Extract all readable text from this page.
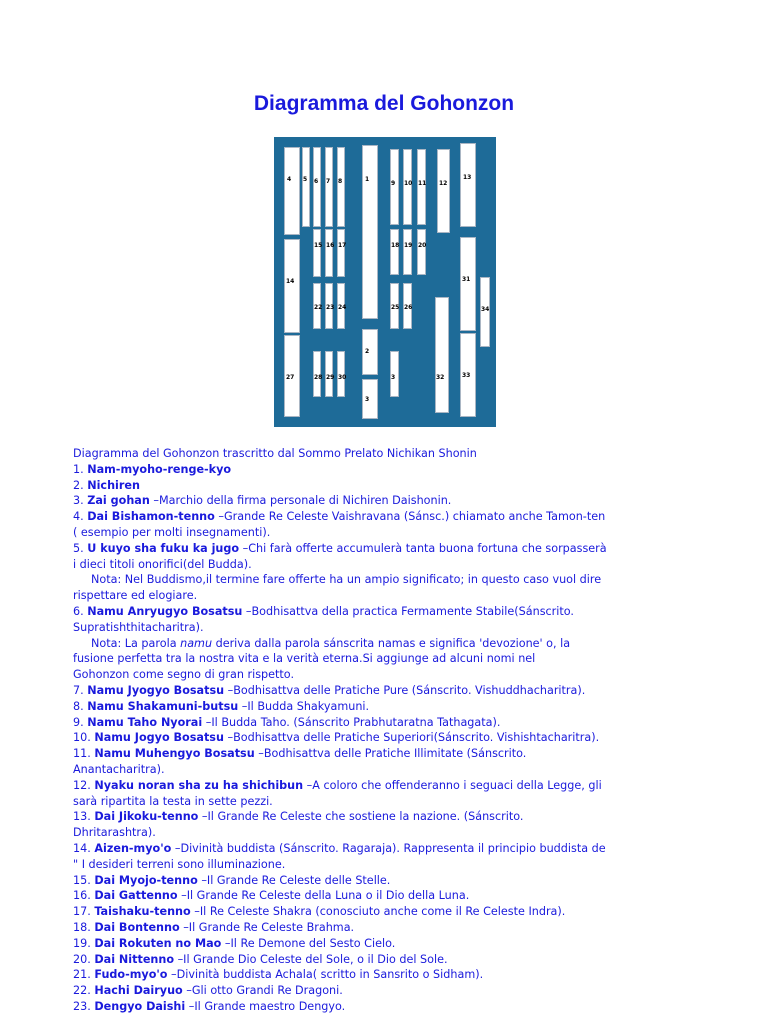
Diagramma del Gohonzon
4 5 6 7 8	1
9 10 11 12
13
15 16 17	18 19 20
14	31
34
22 23 24	25 26
2
27	28 29 30
3
3	32	33
Diagramma del Gohonzon trascritto dal Sommo Prelato Nichikan Shonin
1. Nam-myoho-renge-kyo
2. Nichiren
3. Zai gohan –Marchio della firma personale di Nichiren Daishonin.
4. Dai Bishamon-tenno –Grande Re Celeste Vaishravana (Sánsc.) chiamato anche Tamon-ten
( esempio per molti insegnamenti).
5. U kuyo sha fuku ka jugo –Chi farà offerte accumulerà tanta buona fortuna che sorpasserà
i dieci titoli onorifici(del Budda).
Nota: Nel Buddismo,il termine fare offerte ha un ampio significato; in questo caso vuol dire
rispettare ed elogiare.
6. Namu Anryugyo Bosatsu –Bodhisattva della practica Fermamente Stabile(Sánscrito.
Supratishthitacharitra).
Nota: La parola namu deriva dalla parola sánscrita namas e significa 'devozione' o, la
fusione perfetta tra la nostra vita e la verità eterna.Si aggiunge ad alcuni nomi nel
Gohonzon come segno di gran rispetto.
7. Namu Jyogyo Bosatsu –Bodhisattva delle Pratiche Pure (Sánscrito. Vishuddhacharitra).
8. Namu Shakamuni-butsu –Il Budda Shakyamuni.
9. Namu Taho Nyorai –Il Budda Taho. (Sánscrito Prabhutaratna Tathagata).
10. Namu Jogyo Bosatsu –Bodhisattva delle Pratiche Superiori(Sánscrito. Vishishtacharitra).
11. Namu Muhengyo Bosatsu –Bodhisattva delle Pratiche Illimitate (Sánscrito.
Anantacharitra).
12. Nyaku noran sha zu ha shichibun –A coloro che offenderanno i seguaci della Legge, gli
sarà ripartita la testa in sette pezzi.
13. Dai Jikoku-tenno –Il Grande Re Celeste che sostiene la nazione. (Sánscrito.
Dhritarashtra).
14. Aizen-myo'o –Divinità buddista (Sánscrito. Ragaraja). Rappresenta il principio buddista de
" I desideri terreni sono illuminazione.
15. Dai Myojo-tenno –Il Grande Re Celeste delle Stelle.
16. Dai Gattenno –Il Grande Re Celeste della Luna o il Dio della Luna.
17. Taishaku-tenno –Il Re Celeste Shakra (conosciuto anche come il Re Celeste Indra).
18. Dai Bontenno –Il Grande Re Celeste Brahma.
19. Dai Rokuten no Mao –Il Re Demone del Sesto Cielo.
20. Dai Nittenno –Il Grande Dio Celeste del Sole, o il Dio del Sole.
21. Fudo-myo'o –Divinità buddista Achala( scritto in Sansrito o Sidham).
22. Hachi Dairyuo –Gli otto Grandi Re Dragoni.
23. Dengyo Daishi –Il Grande maestro Dengyo.
